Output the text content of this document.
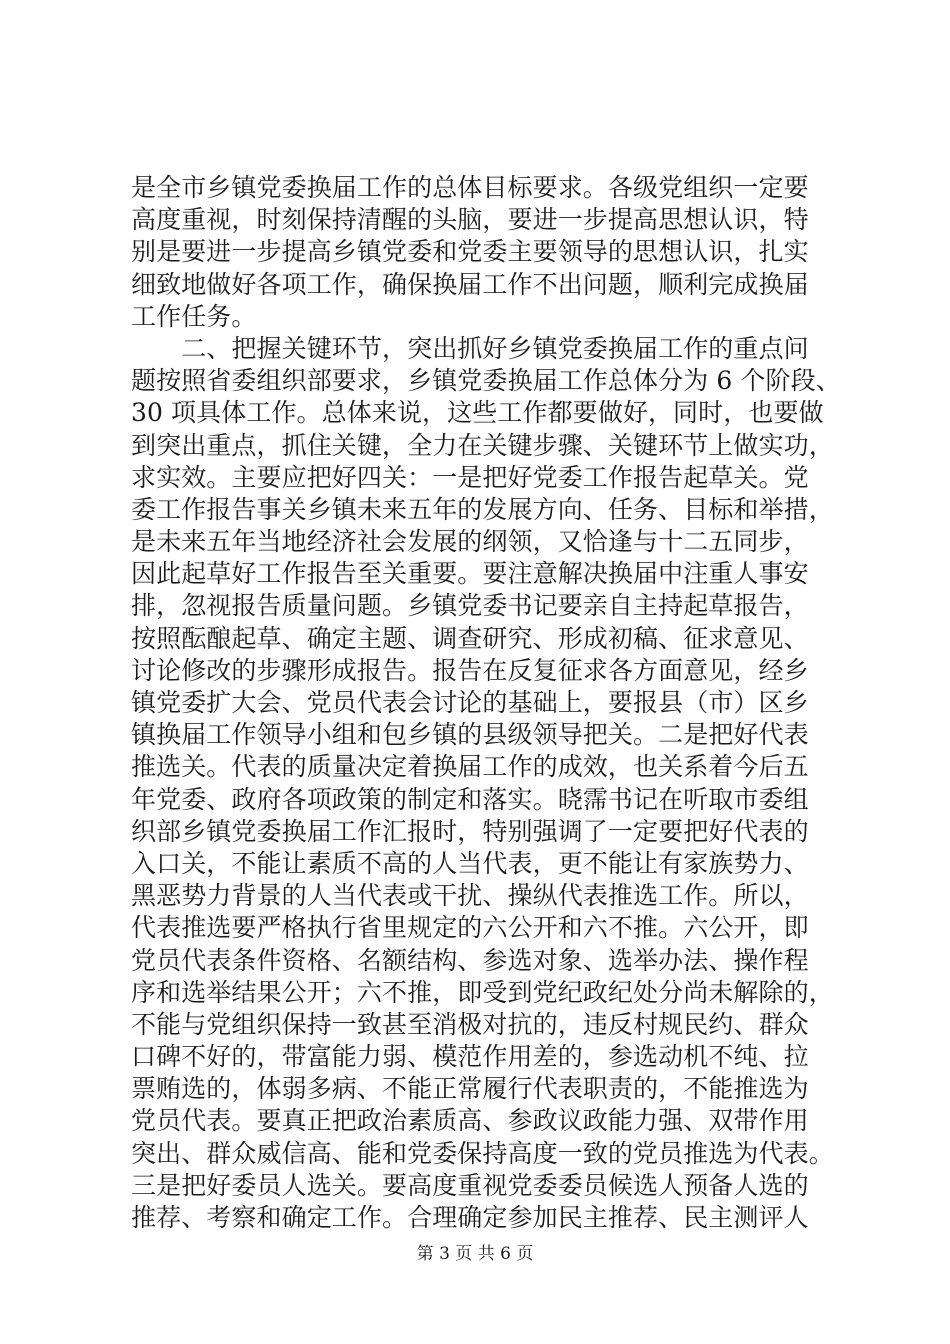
是全市乡镇党委换届工作的总体目标要求。各级党组织一定要
高度重视，时刻保持清醒的头脑，要进一步提高思想认识，特
别是要进一步提高乡镇党委和党委主要领导的思想认识，扎实
细致地做好各项工作，确保换届工作不出问题，顺利完成换届
工作任务。
　　二、把握关键环节，突出抓好乡镇党委换届工作的重点问
题按照省委组织部要求，乡镇党委换届工作总体分为 6 个阶段、
30 项具体工作。总体来说，这些工作都要做好，同时，也要做
到突出重点，抓住关键，全力在关键步骤、关键环节上做实功，
求实效。主要应把好四关：一是把好党委工作报告起草关。党
委工作报告事关乡镇未来五年的发展方向、任务、目标和举措，
是未来五年当地经济社会发展的纲领，又恰逢与十二五同步，
因此起草好工作报告至关重要。要注意解决换届中注重人事安
排，忽视报告质量问题。乡镇党委书记要亲自主持起草报告，
按照酝酿起草、确定主题、调查研究、形成初稿、征求意见、
讨论修改的步骤形成报告。报告在反复征求各方面意见，经乡
镇党委扩大会、党员代表会讨论的基础上，要报县（市）区乡
镇换届工作领导小组和包乡镇的县级领导把关。二是把好代表
推选关。代表的质量决定着换届工作的成效，也关系着今后五
年党委、政府各项政策的制定和落实。晓霈书记在听取市委组
织部乡镇党委换届工作汇报时，特别强调了一定要把好代表的
入口关，不能让素质不高的人当代表，更不能让有家族势力、
黑恶势力背景的人当代表或干扰、操纵代表推选工作。所以，
代表推选要严格执行省里规定的六公开和六不推。六公开，即
党员代表条件资格、名额结构、参选对象、选举办法、操作程
序和选举结果公开；六不推，即受到党纪政纪处分尚未解除的，
不能与党组织保持一致甚至消极对抗的，违反村规民约、群众
口碑不好的，带富能力弱、模范作用差的，参选动机不纯、拉
票贿选的，体弱多病、不能正常履行代表职责的，不能推选为
党员代表。要真正把政治素质高、参政议政能力强、双带作用
突出、群众威信高、能和党委保持高度一致的党员推选为代表。
三是把好委员人选关。要高度重视党委委员候选人预备人选的
推荐、考察和确定工作。合理确定参加民主推荐、民主测评人
第 3 页 共 6 页
